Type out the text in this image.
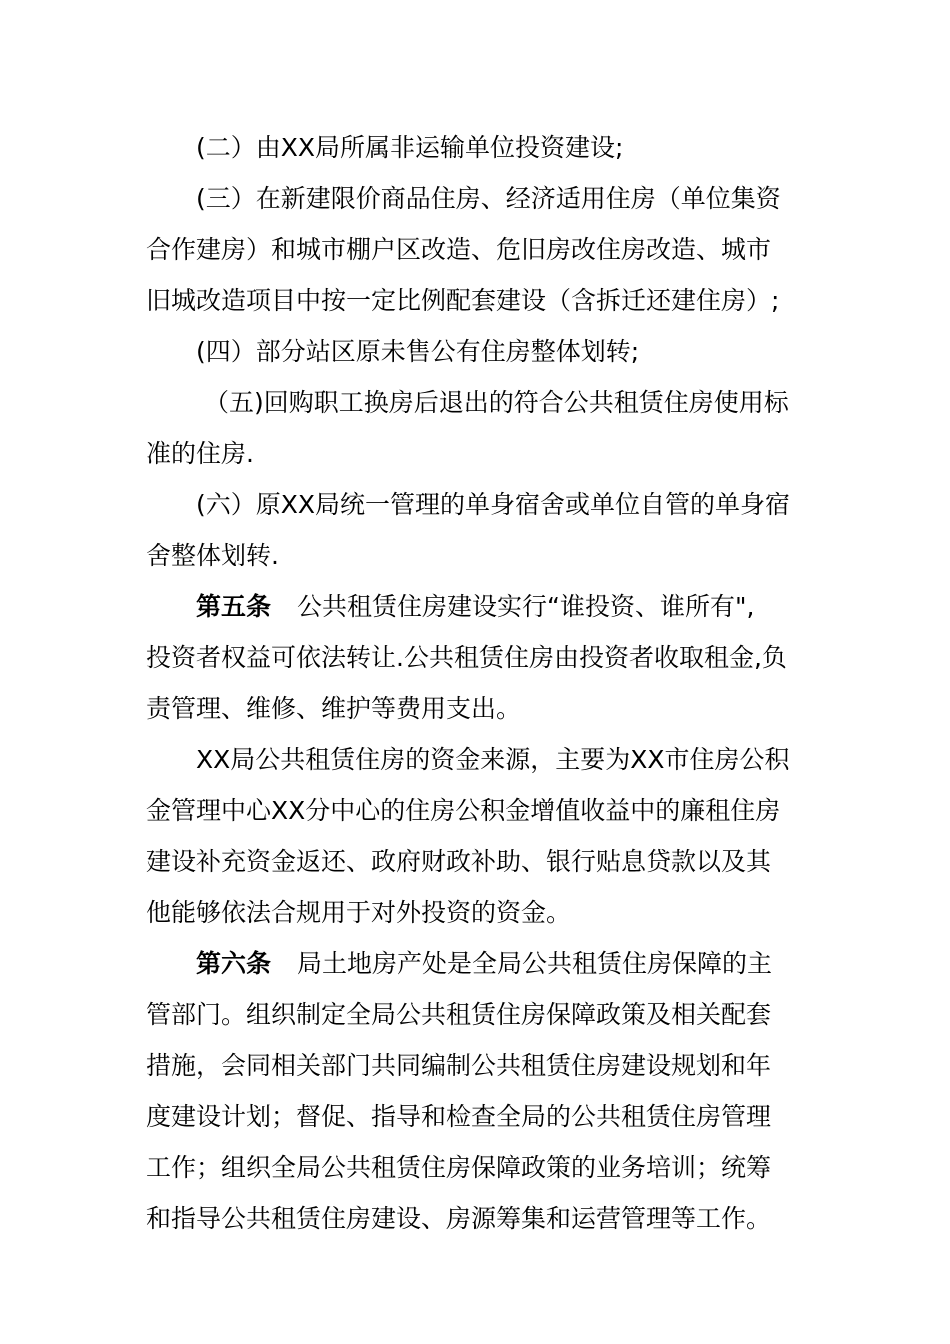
(二）由XX局所属非运输单位投资建设;
(三）在新建限价商品住房、经济适用住房（单位集资
合作建房）和城市棚户区改造、危旧房改住房改造、城市
旧城改造项目中按一定比例配套建设（含拆迁还建住房）;
(四）部分站区原未售公有住房整体划转;
（五)回购职工换房后退出的符合公共租赁住房使用标
准的住房.
(六）原XX局统一管理的单身宿舍或单位自管的单身宿
舍整体划转.
第五条 公共租赁住房建设实行“谁投资、谁所有",
投资者权益可依法转让.公共租赁住房由投资者收取租金,负
责管理、维修、维护等费用支出。
XX局公共租赁住房的资金来源，主要为XX市住房公积
金管理中心XX分中心的住房公积金增值收益中的廉租住房
建设补充资金返还、政府财政补助、银行贴息贷款以及其
他能够依法合规用于对外投资的资金。
第六条 局土地房产处是全局公共租赁住房保障的主
管部门。组织制定全局公共租赁住房保障政策及相关配套
措施，会同相关部门共同编制公共租赁住房建设规划和年
度建设计划；督促、指导和检查全局的公共租赁住房管理
工作；组织全局公共租赁住房保障政策的业务培训；统筹
和指导公共租赁住房建设、房源筹集和运营管理等工作。
